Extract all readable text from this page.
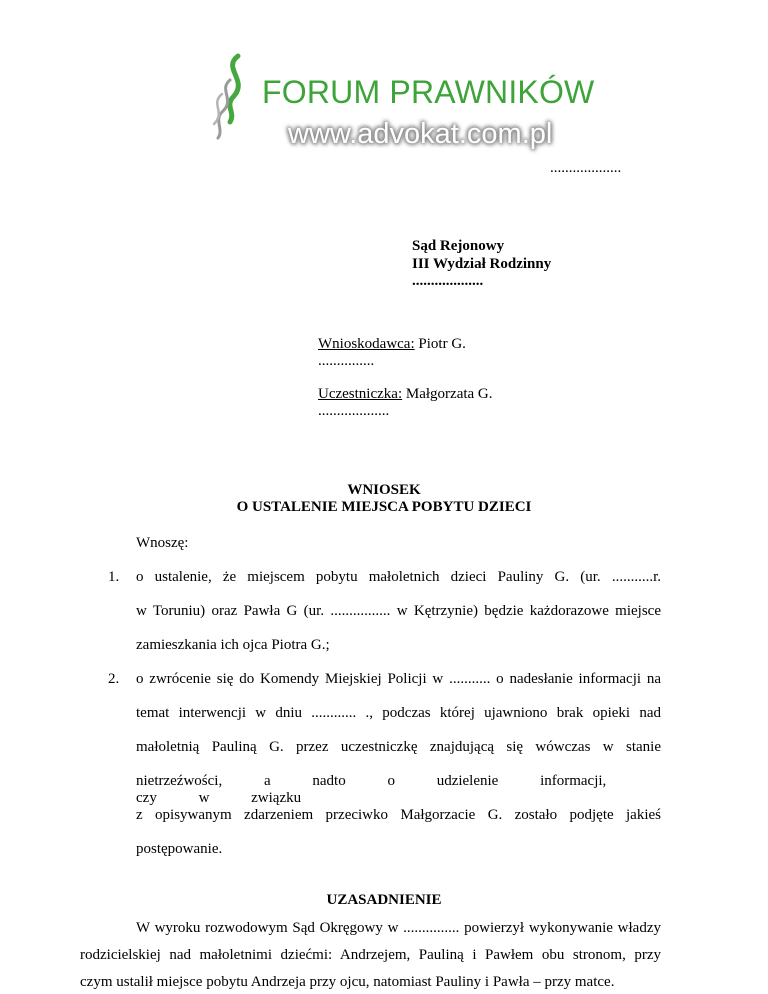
FORUM PRAWNIKÓW
www.advokat.com.pl
...................
Sąd Rejonowy
III Wydział Rodzinny
...................
Wnioskodawca: Piotr G.
...............
Uczestniczka: Małgorzata G.
...................
WNIOSEK
O USTALENIE MIEJSCA POBYTU DZIECI
Wnoszę:
1. o ustalenie, że miejscem pobytu małoletnich dzieci Pauliny G. (ur. ...........r.
w Toruniu) oraz Pawła G (ur. ................ w Kętrzynie) będzie każdorazowe miejsce
zamieszkania ich ojca Piotra G.;
2. o zwrócenie się do Komendy Miejskiej Policji w ........... o nadesłanie informacji na
temat interwencji w dniu ............ ., podczas której ujawniono brak opieki nad
małoletnią Pauliną G. przez uczestniczkę znajdującą się wówczas w stanie
nietrzeźwości, a nadto o udzielenie informacji, czy w związku
z opisywanym zdarzeniem przeciwko Małgorzacie G. zostało podjęte jakieś
postępowanie.
UZASADNIENIE
W wyroku rozwodowym Sąd Okręgowy w ............... powierzył wykonywanie władzy
rodzicielskiej nad małoletnimi dziećmi: Andrzejem, Pauliną i Pawłem obu stronom, przy
czym ustalił miejsce pobytu Andrzeja przy ojcu, natomiast Pauliny i Pawła – przy matce.
